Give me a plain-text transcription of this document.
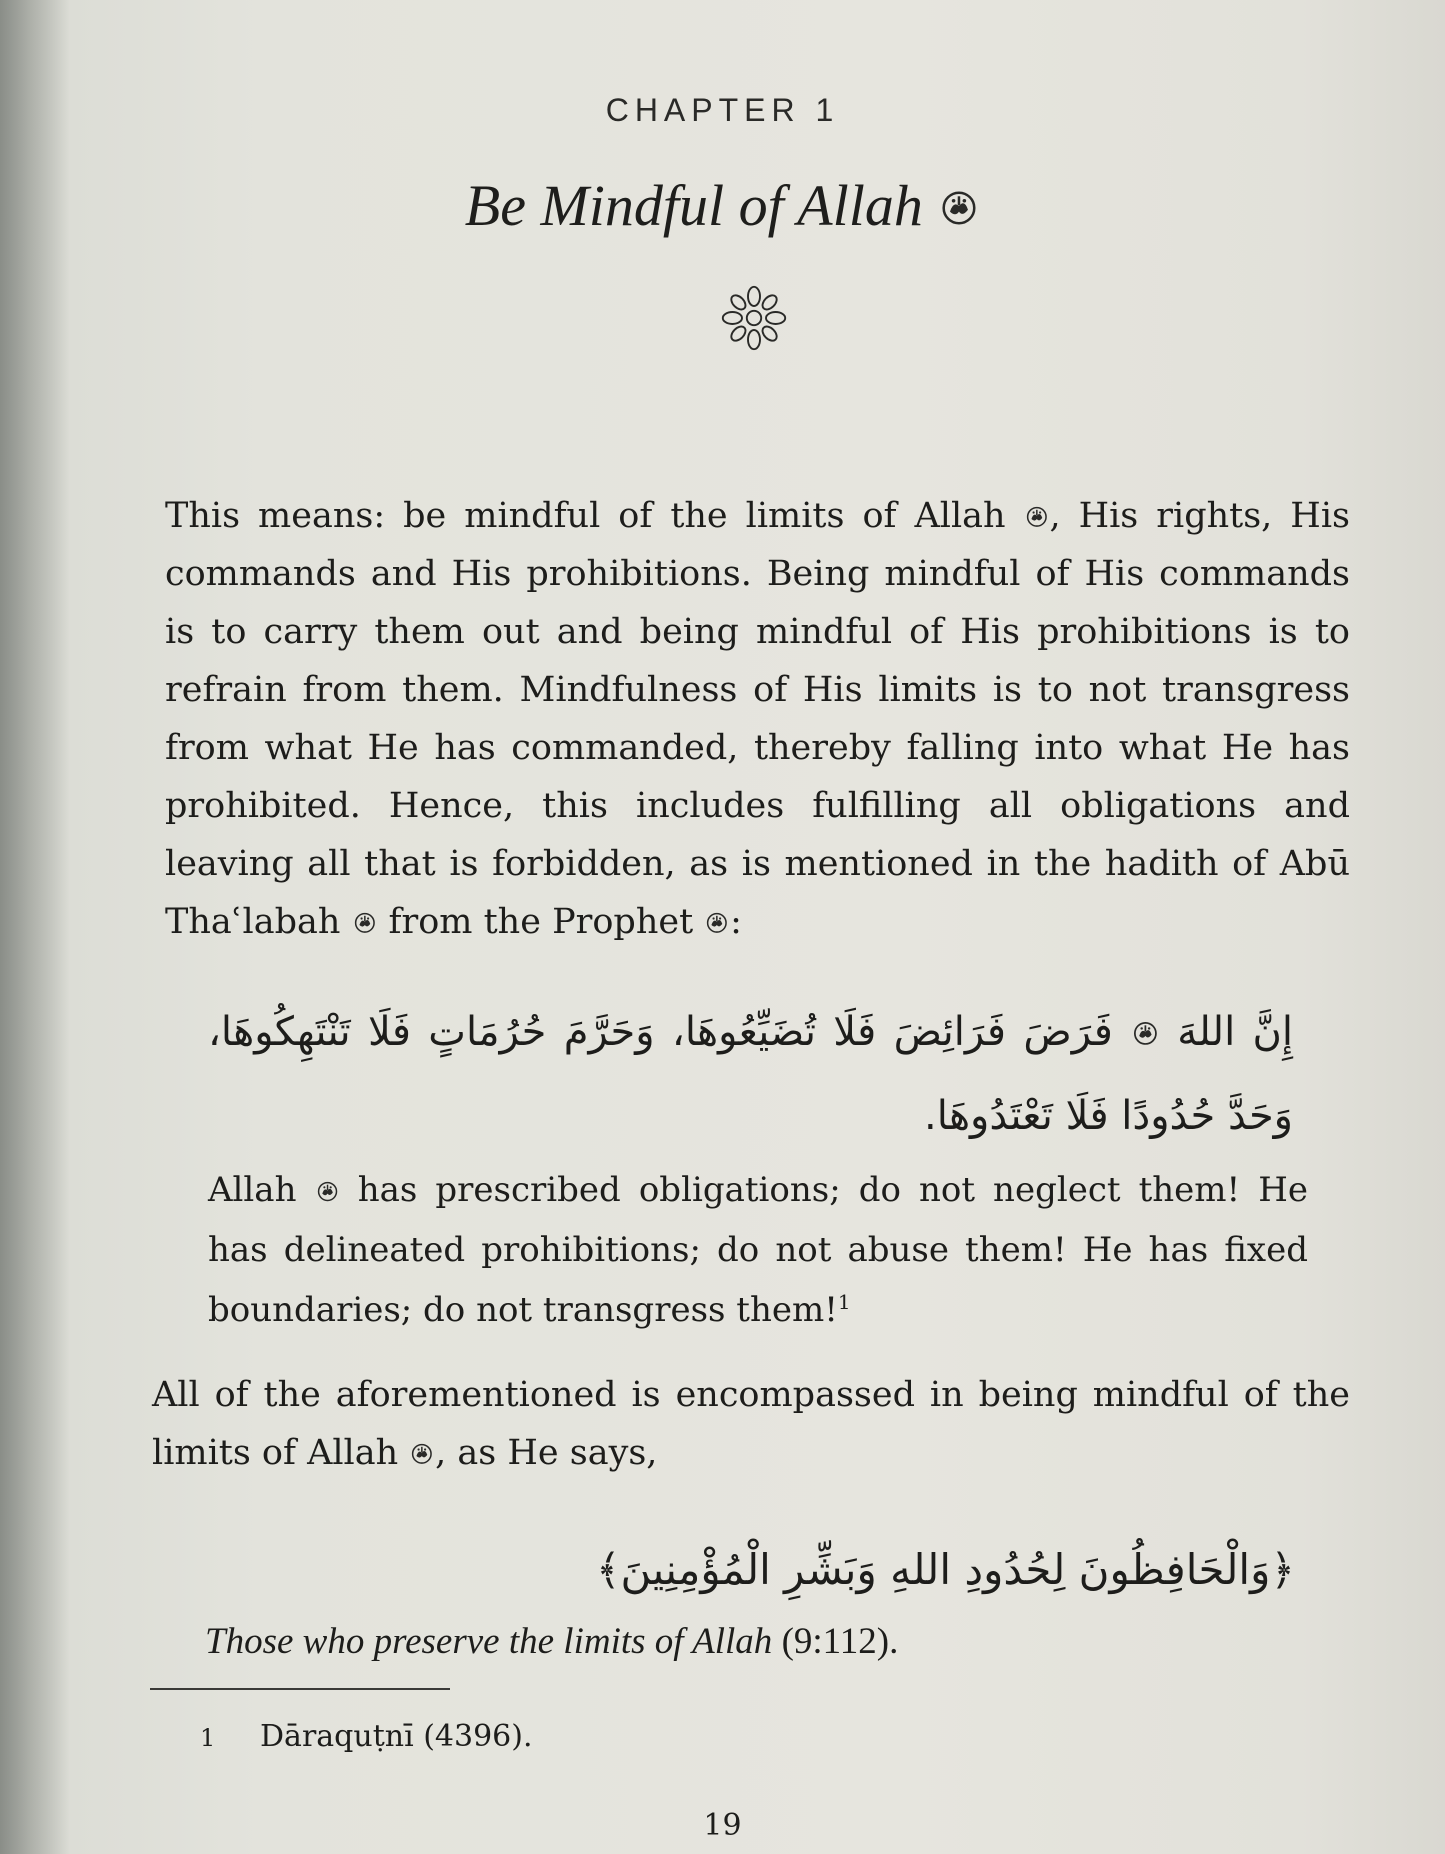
CHAPTER 1
Be Mindful of Allah

This means: be mindful of the limits of Allah , His rights, His commands and His prohibitions. Being mindful of His commands is to carry them out and being mindful of His prohibitions is to refrain from them. Mindfulness of His limits is to not transgress from what He has commanded, thereby falling into what He has prohibited. Hence, this includes fulfilling all obligations and leaving all that is forbidden, as is mentioned in the hadith of Abū Thaʿlabah from the Prophet :

إِنَّ اللهَ  فَرَضَ فَرَائِضَ فَلَا تُضَيِّعُوهَا، وَحَرَّمَ حُرُمَاتٍ فَلَا تَنْتَهِكُوهَا، وَحَدَّ حُدُودًا فَلَا تَعْتَدُوهَا.

Allah has prescribed obligations; do not neglect them! He has delineated prohibitions; do not abuse them! He has fixed boundaries; do not transgress them!$^1$

All of the aforementioned is encompassed in being mindful of the limits of Allah , as He says,

﴿وَالْحَافِظُونَ لِحُدُودِ اللهِ وَبَشِّرِ الْمُؤْمِنِينَ﴾
Those who preserve the limits of Allah (9:112).
1 Dāraquṭnī (4396).
19
